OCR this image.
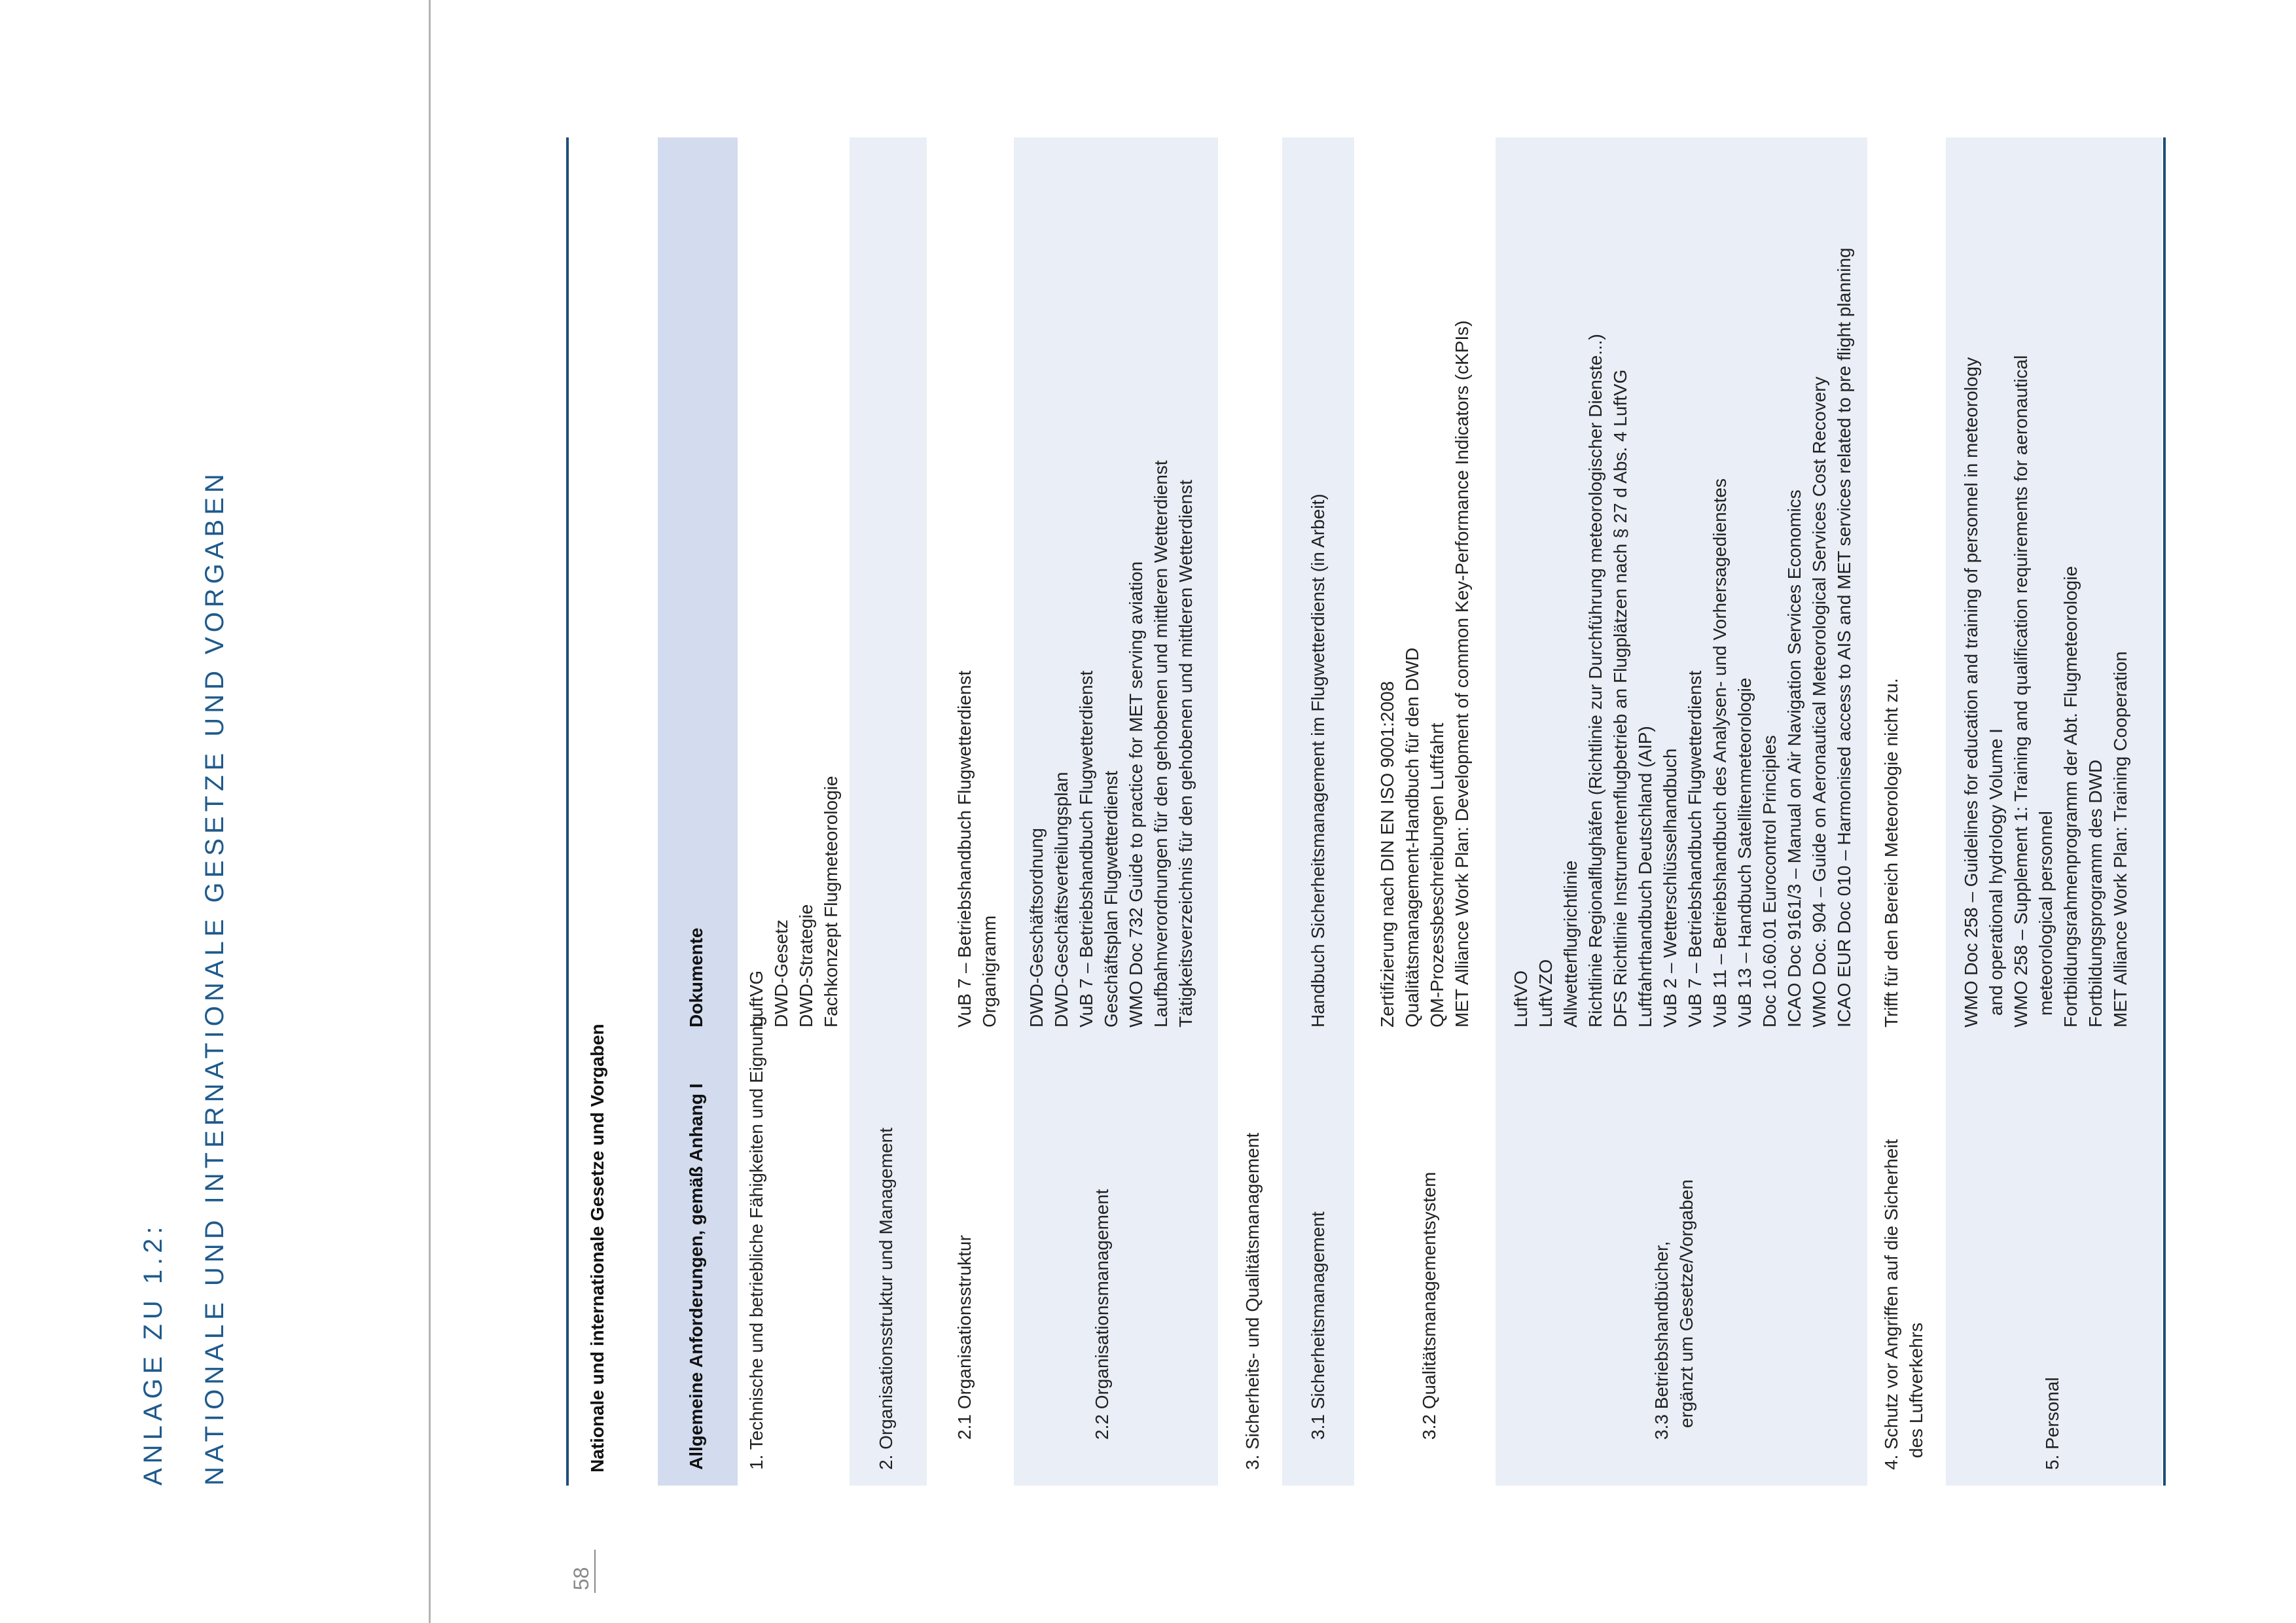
ANLAGE ZU 1.2: NATIONALE UND INTERNATIONALE GESETZE UND VORGABEN
58
Nationale und internationale Gesetze und Vorgaben	Allgemeine Anforderungen, gemäß Anhang I
Dokumente
1. Technische und betriebliche Fähigkeiten und Eignung
LuftVG DWD-Gesetz DWD-Strategie Fachkonzept Flugmeteorologie
2. Organisationsstruktur und Management	2.1 Organisationsstruktur
VuB 7 – Betriebshandbuch Flugwetterdienst Organigramm
2.2 Organisationsmanagement
DWD-Geschäftsordnung DWD-Geschäftsverteilungsplan VuB 7 – Betriebshandbuch Flugwetterdienst Geschäftsplan Flugwetterdienst WMO Doc 732 Guide to practice for MET serving aviation Laufbahnverordnungen für den gehobenen und mittleren Wetterdienst Tätigkeitsverzeichnis für den gehobenen und mittleren Wetterdienst
3. Sicherheits- und Qualitätsmanagement 3.1 Sicherheitsmanagement
Handbuch Sicherheitsmanagement im Flugwetterdienst (in Arbeit)
3.2 Qualitätsmanagementsystem
Zertifizierung nach DIN EN ISO 9001:2008 Qualitätsmanagement-Handbuch für den DWD QM-Prozessbeschreibungen Luftfahrt MET Alliance Work Plan: Development of common Key-Performance Indicators (cKPIs)
3.3 Betriebshandbücher, ergänzt um Gesetze/Vorgaben
LuftVO LuftVZO Allwetterflugrichtlinie Richtlinie Regionalflughäfen (Richtlinie zur Durchführung meteorologischer Dienste...) DFS Richtlinie Instrumentenflugbetrieb an Flugplätzen nach § 27 d Abs. 4 LuftVG Luftfahrthandbuch Deutschland (AIP) VuB 2 – Wetterschlüsselhandbuch VuB 7 – Betriebshandbuch Flugwetterdienst VuB 11 – Betriebshandbuch des Analysen- und Vorhersagedienstes VuB 13 – Handbuch Satellitenmeteorologie Doc 10.60.01 Eurocontrol Principles ICAO Doc 9161/3 – Manual on Air Navigation Services Economics WMO Doc. 904 – Guide on Aeronautical Meteorological Services Cost Recovery ICAO EUR Doc 010 – Harmonised access to AIS and MET services related to pre flight planning
4. Schutz vor Angriffen auf die Sicherheit des Luftverkehrs
Trifft für den Bereich Meteorologie nicht zu.
5. Personal
WMO Doc 258 – Guidelines for education and training of personnel in meteorology and operational hydrology Volume I WMO 258 – Supplement 1: Training and qualification requirements for aeronautical meteorological personnel Fortbildungsrahmenprogramm der Abt. Flugmeteorologie Fortbildungsprogramm des DWD MET Alliance Work Plan: Training Cooperation
